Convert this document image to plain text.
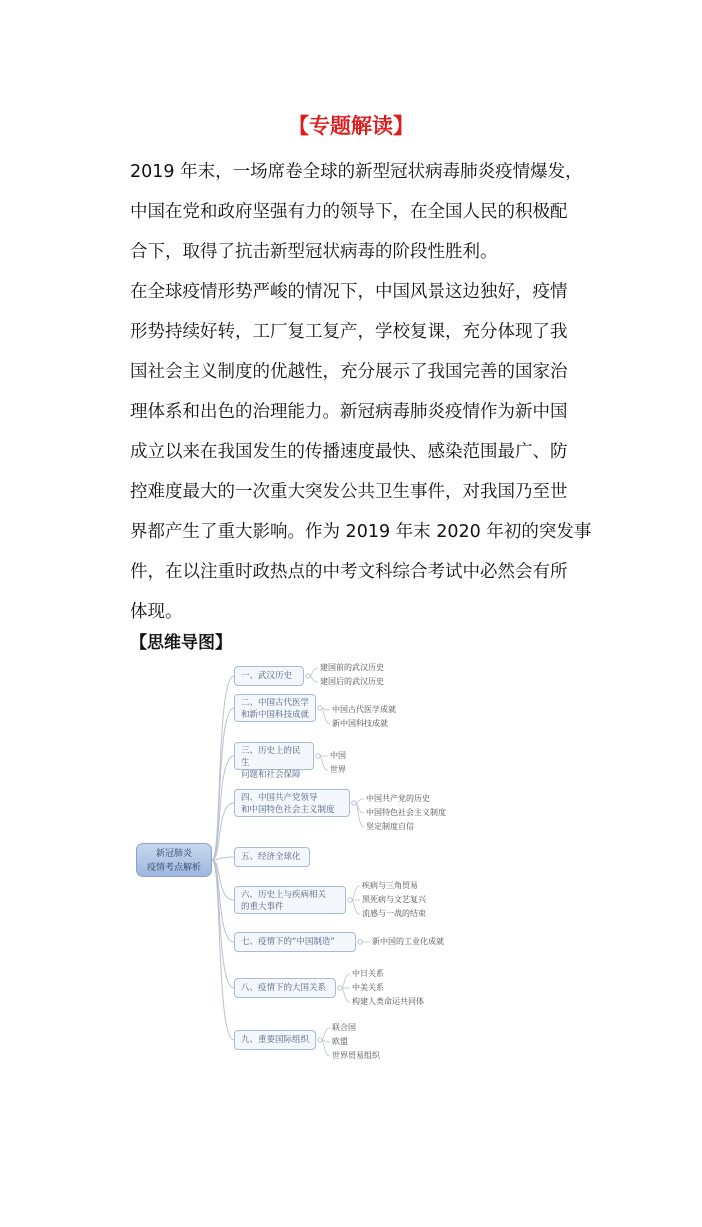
【专题解读】
2019 年末，一场席卷全球的新型冠状病毒肺炎疫情爆发，
中国在党和政府坚强有力的领导下，在全国人民的积极配
合下，取得了抗击新型冠状病毒的阶段性胜利。
在全球疫情形势严峻的情况下，中国风景这边独好，疫情
形势持续好转，工厂复工复产，学校复课，充分体现了我
国社会主义制度的优越性，充分展示了我国完善的国家治
理体系和出色的治理能力。新冠病毒肺炎疫情作为新中国
成立以来在我国发生的传播速度最快、感染范围最广、防
控难度最大的一次重大突发公共卫生事件，对我国乃至世
界都产生了重大影响。作为 2019 年末 2020 年初的突发事
件，在以注重时政热点的中考文科综合考试中必然会有所
体现。
【思维导图】
新冠肺炎
疫情考点解析
一、武汉历史
建国前的武汉历史
建国后的武汉历史
二、中国古代医学
和新中国科技成就
中国古代医学成就
新中国科技成就
三、历史上的民生
问题和社会保障
中国
世界
四、中国共产党领导
和中国特色社会主义制度
中国共产党的历史
中国特色社会主义制度
坚定制度自信
五、经济全球化
六、历史上与疾病相关
的重大事件
疾病与三角贸易
黑死病与文艺复兴
流感与一战的结束
七、疫情下的“中国制造”	新中国的工业化成就
八、疫情下的大国关系
中日关系
中美关系
构建人类命运共同体
九、重要国际组织
联合国
欧盟
世界贸易组织
